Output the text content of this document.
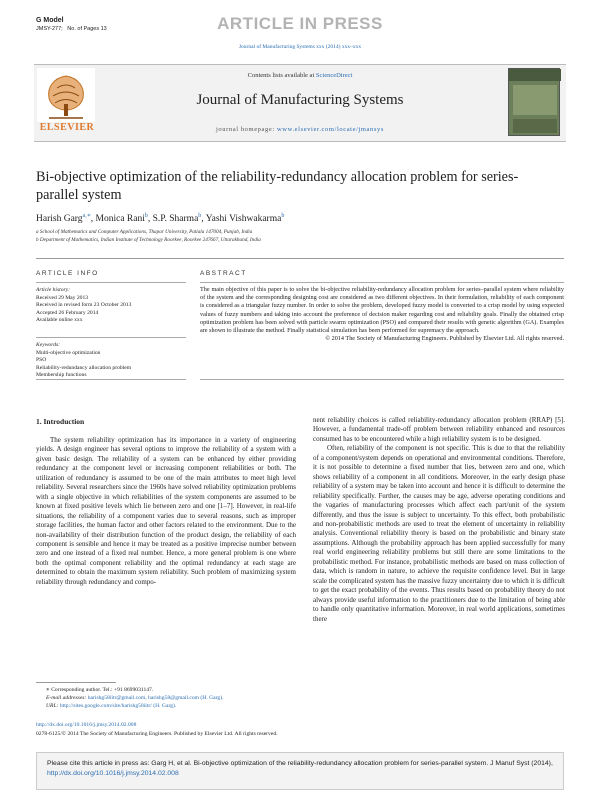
G Model
JMSY-277; No. of Pages 13	ARTICLE IN PRESS
Journal of Manufacturing Systems xxx (2014) xxx–xxx
ELSEVIER
Contents lists available at ScienceDirect
Journal of Manufacturing Systems
journal homepage: www.elsevier.com/locate/jmansys
Bi-objective optimization of the reliability-redundancy allocation problem for series-parallel system
Harish Garg$^{a,∗}$, Monica Rani$^b$, S.P. Sharma$^b$, Yashi Vishwakarma$^b$
a School of Mathematics and Computer Applications, Thapar University, Patiala 147004, Punjab, India
b Department of Mathematics, Indian Institute of Technology Roorkee, Roorkee 247667, Uttarakhand, India
ARTICLE INFO	ABSTRACT
Article history:
Received 29 May 2013
Received in revised form 23 October 2013
Accepted 26 February 2014
Available online xxx
Keywords:
Multi-objective optimization
PSO
Reliability-redundancy allocation problem
Membership functions
The main objective of this paper is to solve the bi-objective reliability-redundancy allocation problem for series–parallel system where reliability of the system and the corresponding designing cost are considered as two different objectives. In their formulation, reliability of each component is considered as a triangular fuzzy number. In order to solve the problem, developed fuzzy model is converted to a crisp model by using expected values of fuzzy numbers and taking into account the preference of decision maker regarding cost and reliability goals. Finally the obtained crisp optimization problem has been solved with particle swarm optimization (PSO) and compared their results with genetic algorithm (GA). Examples are shown to illustrate the method. Finally statistical simulation has been performed for supremacy the approach.
© 2014 The Society of Manufacturing Engineers. Published by Elsevier Ltd. All rights reserved.
1. Introduction

The system reliability optimization has its importance in a variety of engineering yields. A design engineer has several options to improve the reliability of a system with a given basic design. The reliability of a system can be enhanced by either providing redundancy at the component level or increasing component reliabilities or both. The utilization of redundancy is assumed to be one of the main attributes to meet high level reliability. Several researchers since the 1960s have solved reliability optimization problems with a single objective in which reliabilities of the system components are assumed to be known at fixed positive levels which lie between zero and one [1–7]. However, in real-life situations, the reliability of a component varies due to several reasons, such as improper storage facilities, the human factor and other factors related to the environment. Due to the non-availability of their distribution function of the product design, the reliability of each component is sensible and hence it may be treated as a positive imprecise number between zero and one instead of a fixed real number. Hence, a more general problem is one where both the optimal component reliability and the optimal redundancy at each stage are determined to obtain the maximum system reliability. Such problem of maximizing system reliability through redundancy and compo-

nent reliability choices is called reliability-redundancy allocation problem (RRAP) [5]. However, a fundamental trade-off problem between reliability enhanced and resources consumed has to be encountered while a high reliability system is to be designed.

Often, reliability of the component is not specific. This is due to that the reliability of a component/system depends on operational and environmental conditions. Therefore, it is not possible to determine a fixed number that lies, between zero and one, which shows reliability of a component in all conditions. Moreover, in the early design phase reliability of a system may be taken into account and hence it is difficult to determine the reliability specifically. Further, the causes may be age, adverse operating conditions and the vagaries of manufacturing processes which affect each part/unit of the system differently, and thus the issue is subject to uncertainty. To this effect, both probabilistic and non-probabilistic methods are used to treat the element of uncertainty in reliability analysis. Conventional reliability theory is based on the probabilistic and binary state assumptions. Although the probability approach has been applied successfully for many real world engineering reliability problems but still there are some limitations to the probabilistic method. For instance, probabilistic methods are based on mass collection of data, which is random in nature, to achieve the requisite confidence level. But in large scale the complicated system has the massive fuzzy uncertainty due to which it is difficult to get the exact probability of the events. Thus results based on probability theory do not always provide useful information to the practitioners due to the limitation of being able to handle only quantitative information. Moreover, in real world applications, sometimes there

∗ Corresponding author. Tel.: +91 8699031147.
E-mail addresses: harishg58iitr@gmail.com, harishg58@gmail.com (H. Garg).
URL: http://sites.google.com/site/harishg58iitr/ (H. Garg).
http://dx.doi.org/10.1016/j.jmsy.2014.02.008
0278-6125/© 2014 The Society of Manufacturing Engineers. Published by Elsevier Ltd. All rights reserved.
Please cite this article in press as: Garg H, et al. Bi-objective optimization of the reliability-redundancy allocation problem for series-parallel system. J Manuf Syst (2014), http://dx.doi.org/10.1016/j.jmsy.2014.02.008
